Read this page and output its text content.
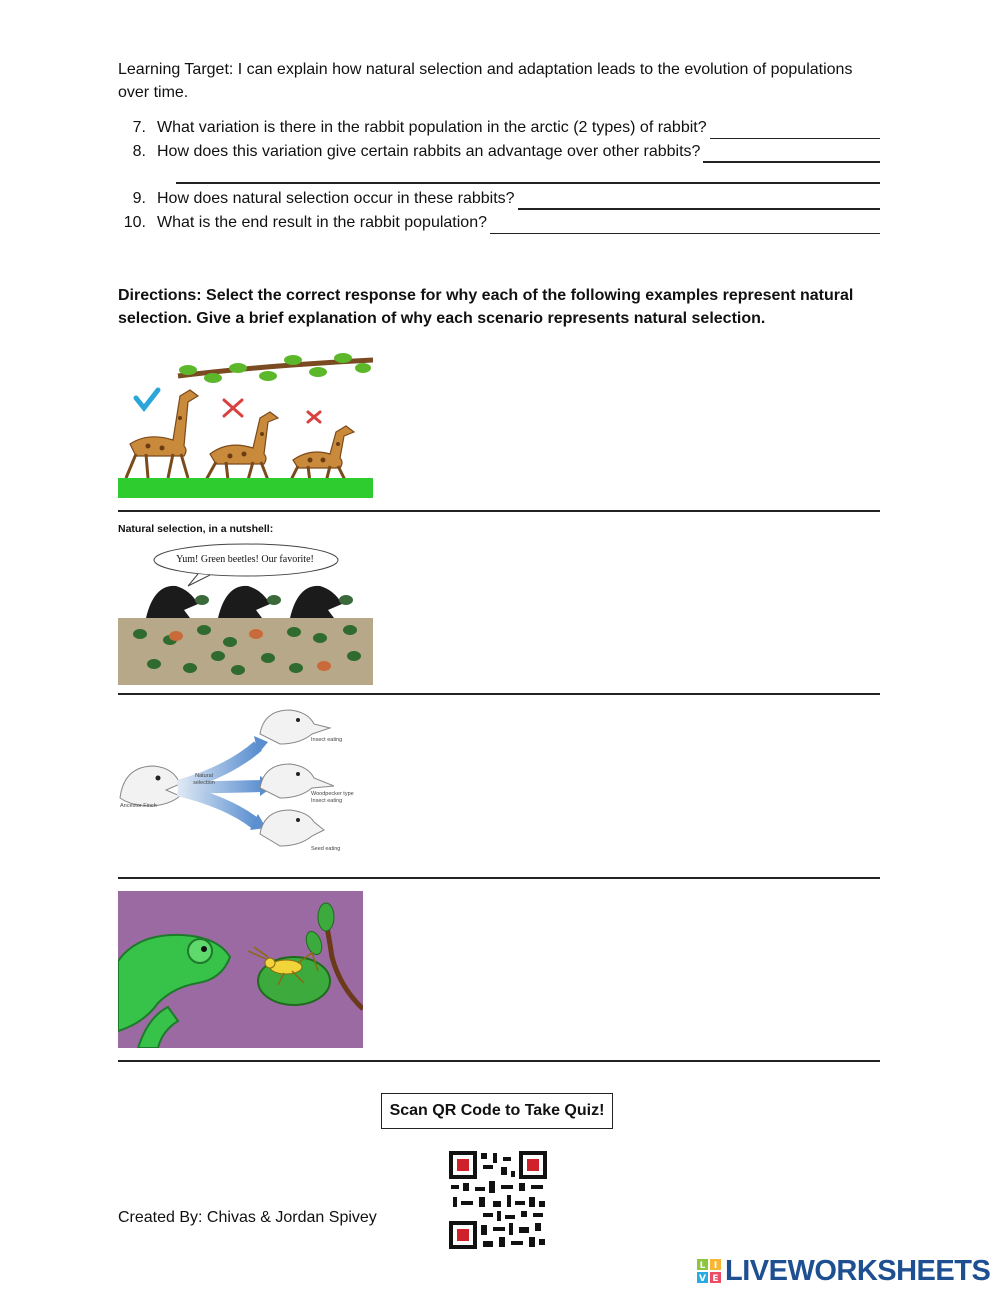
Learning Target: I can explain how natural selection and adaptation leads to the evolution of populations over time.
7. What variation is there in the rabbit population in the arctic (2 types) of rabbit?
8. How does this variation give certain rabbits an advantage over other rabbits?
9. How does natural selection occur in these rabbits?
10. What is the end result in the rabbit population?
Directions: Select the correct response for why each of the following examples represent natural selection. Give a brief explanation of why each scenario represents natural selection.
Natural selection, in a nutshell:
Yum! Green beetles! Our favorite!
Ancestor Finch
Natural selection
Insect eating
Woodpecker type Insect eating
Seed eating
Scan QR Code to Take Quiz!
Created By: Chivas & Jordan Spivey
L I
V E LIVEWORKSHEETS
